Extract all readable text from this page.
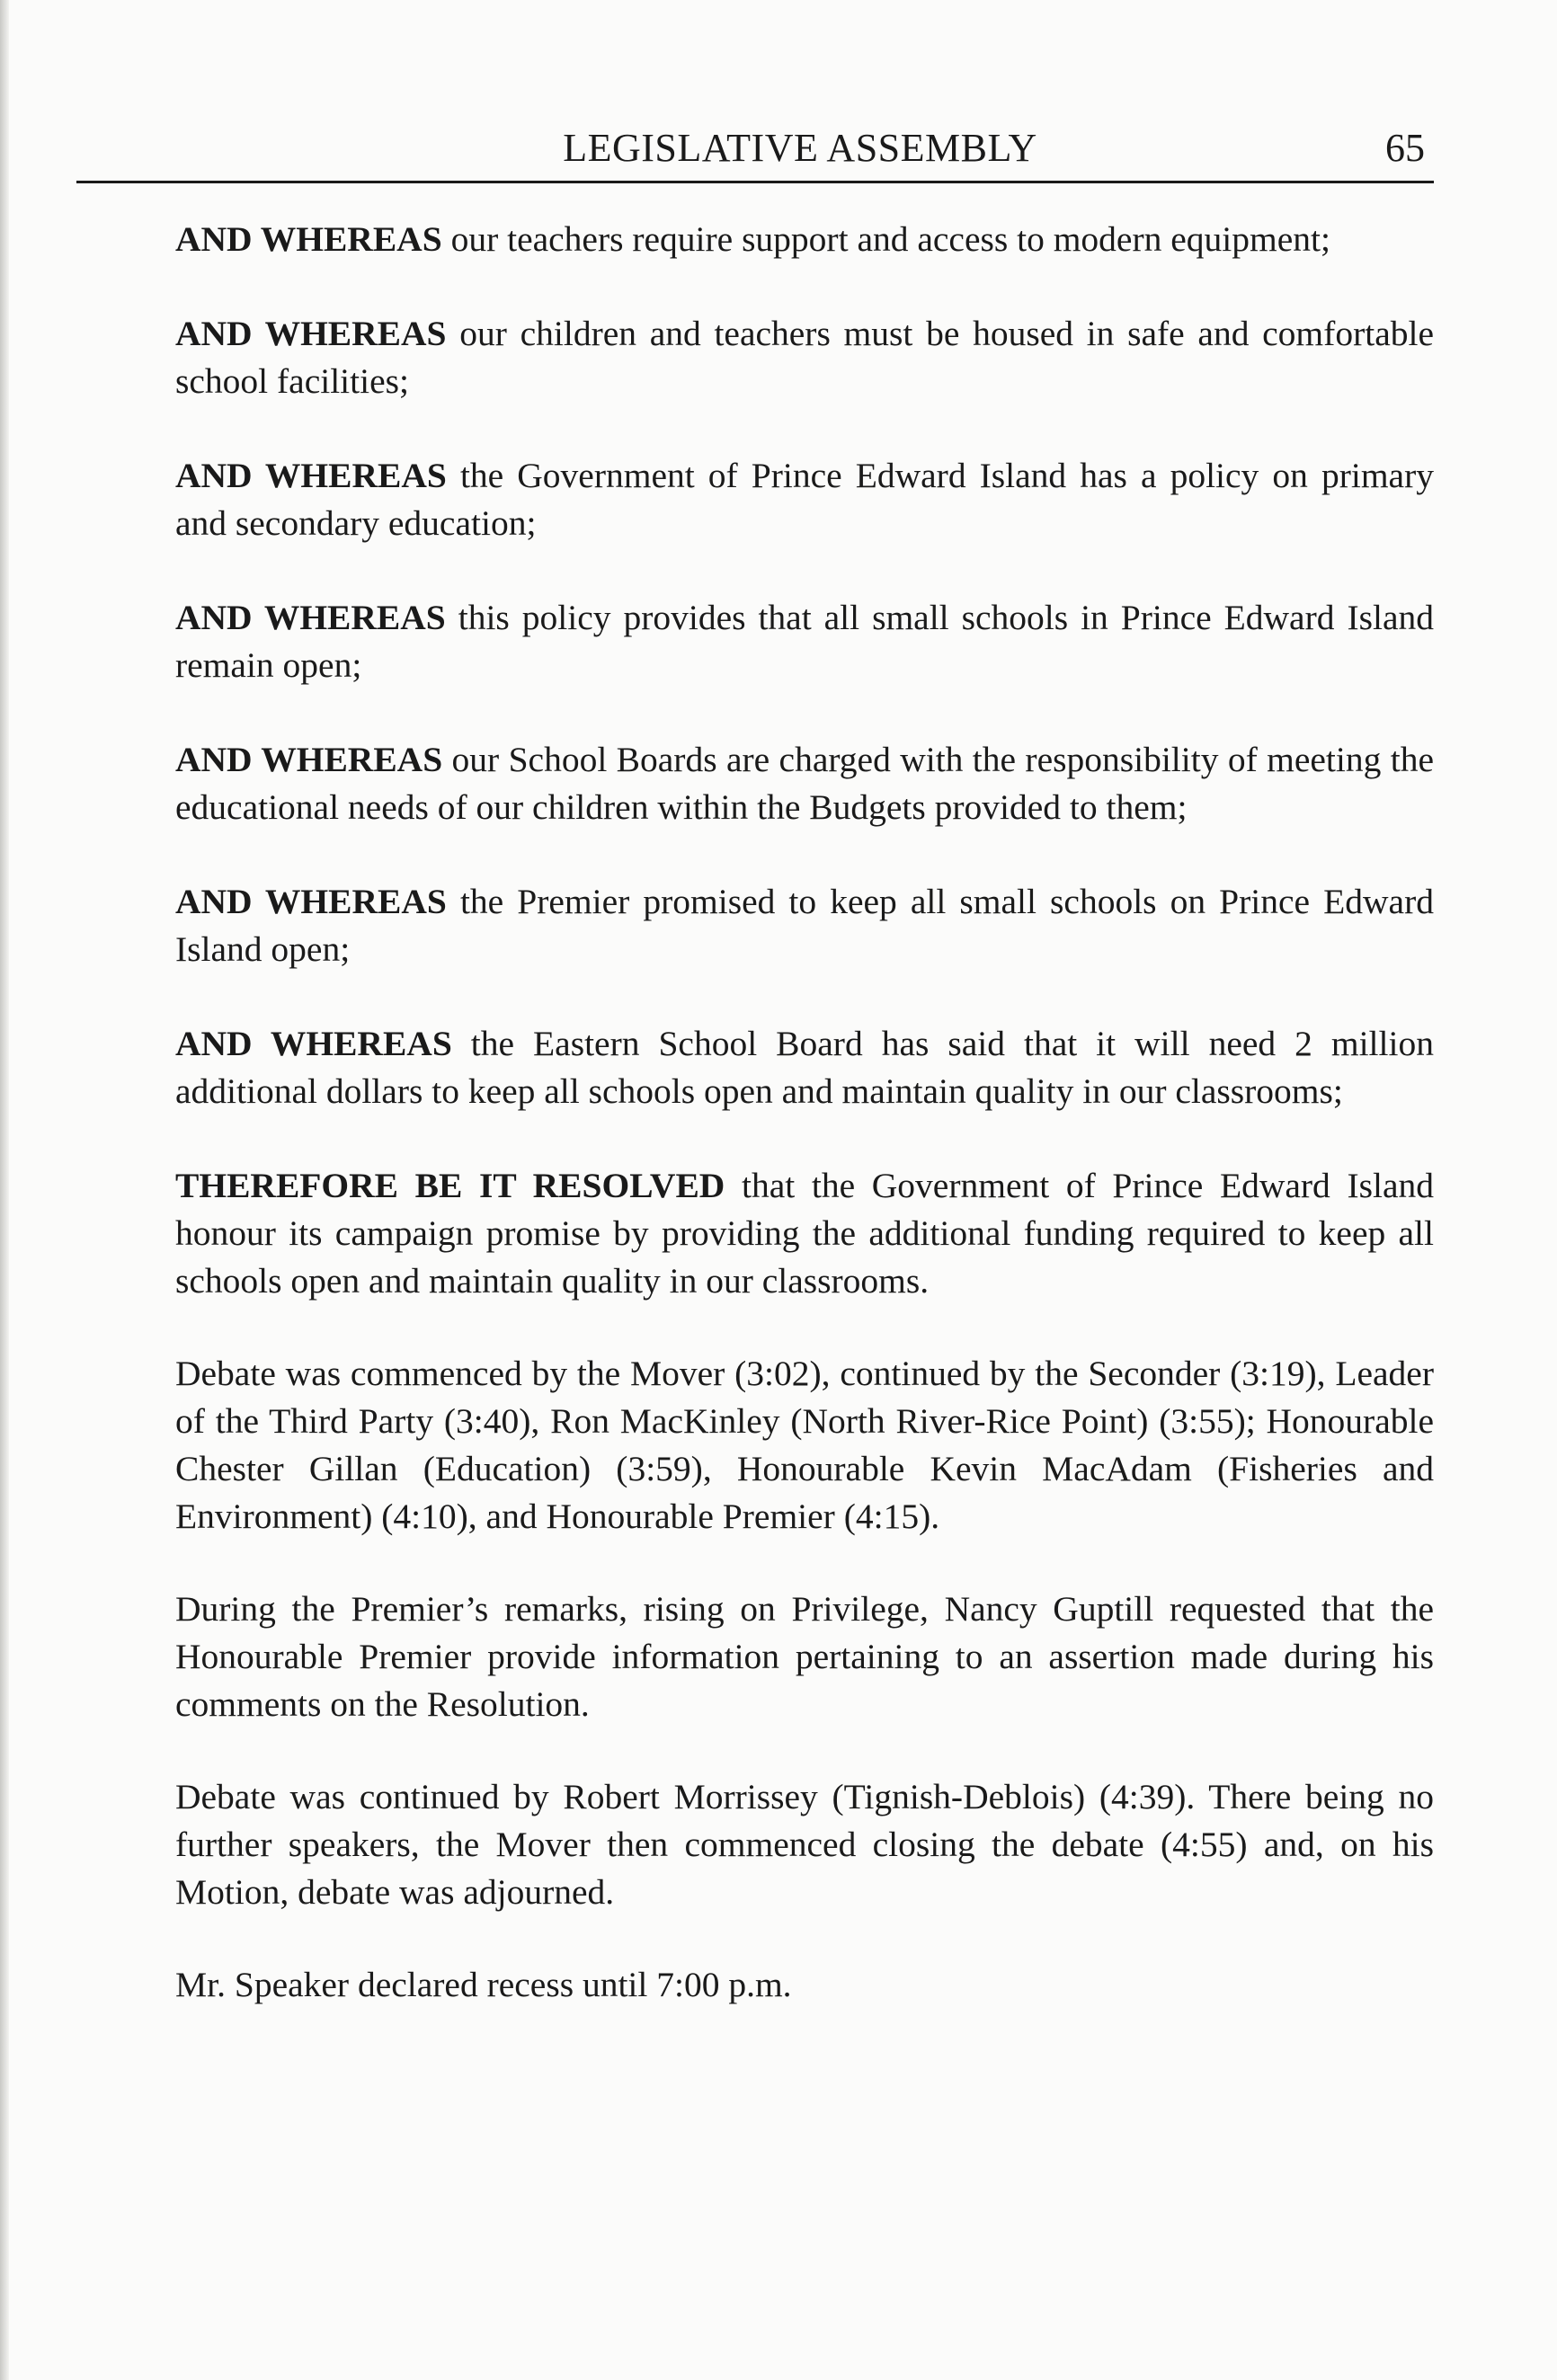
LEGISLATIVE ASSEMBLY	65

AND WHEREAS our teachers require support and access to modern equipment;

AND WHEREAS our children and teachers must be housed in safe and comfortable school facilities;

AND WHEREAS the Government of Prince Edward Island has a policy on primary and secondary education;

AND WHEREAS this policy provides that all small schools in Prince Edward Island remain open;

AND WHEREAS our School Boards are charged with the responsibility of meeting the educational needs of our children within the Budgets provided to them;

AND WHEREAS the Premier promised to keep all small schools on Prince Edward Island open;

AND WHEREAS the Eastern School Board has said that it will need 2 million additional dollars to keep all schools open and maintain quality in our classrooms;

THEREFORE BE IT RESOLVED that the Government of Prince Edward Island honour its campaign promise by providing the additional funding required to keep all schools open and maintain quality in our classrooms.

Debate was commenced by the Mover (3:02), continued by the Seconder (3:19), Leader of the Third Party (3:40), Ron MacKinley (North River-Rice Point) (3:55); Honourable Chester Gillan (Education) (3:59), Honourable Kevin MacAdam (Fisheries and Environment) (4:10), and Honourable Premier (4:15).

During the Premier’s remarks, rising on Privilege, Nancy Guptill requested that the Honourable Premier provide information pertaining to an assertion made during his comments on the Resolution.

Debate was continued by Robert Morrissey (Tignish-Deblois) (4:39). There being no further speakers, the Mover then commenced closing the debate (4:55) and, on his Motion, debate was adjourned.

Mr. Speaker declared recess until 7:00 p.m.
